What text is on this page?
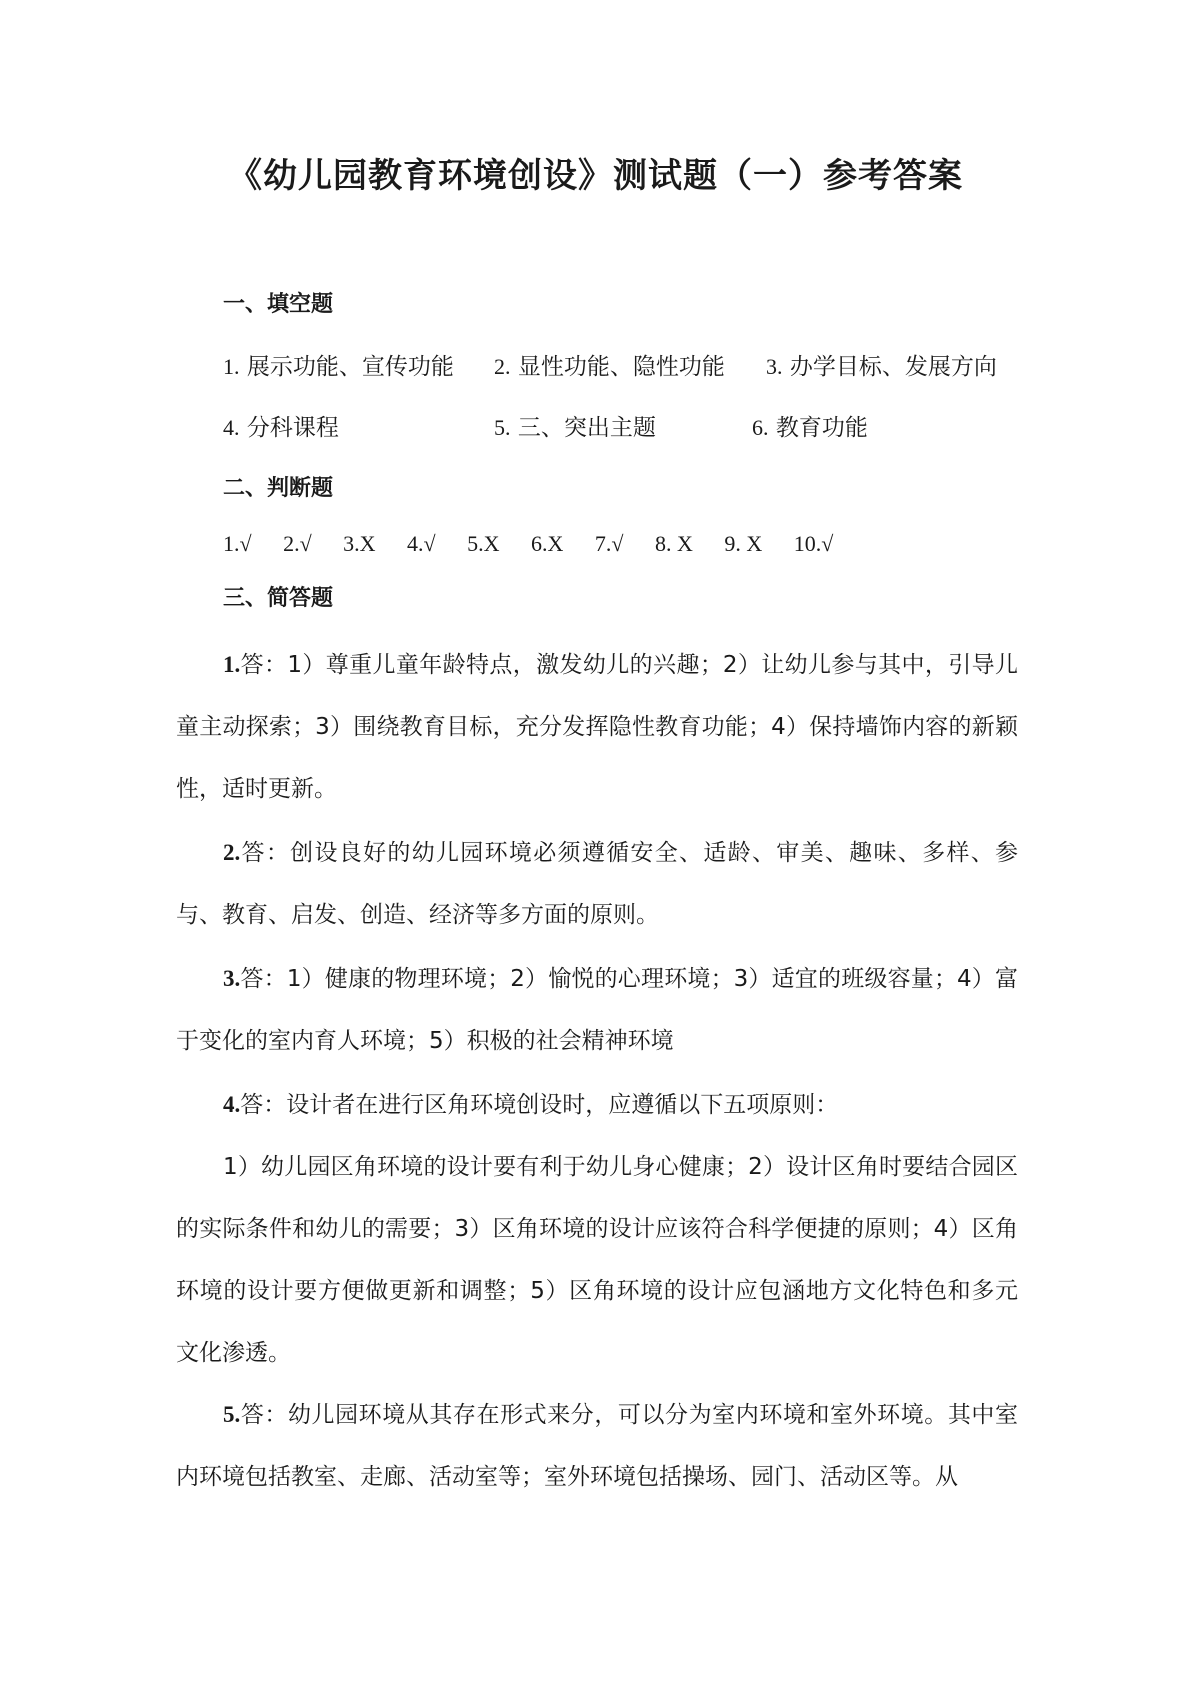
《幼儿园教育环境创设》测试题（一）参考答案
一、填空题
1. 展示功能、宣传功能 2. 显性功能、隐性功能 3. 办学目标、发展方向
4. 分科课程	5. 三、突出主题	6. 教育功能
二、判断题
1.√ 2.√ 3.X 4.√ 5.X 6.X 7.√ 8. X 9. X 10.√
三、简答题
1.答：1）尊重儿童年龄特点，激发幼儿的兴趣；2）让幼儿参与其中，引导儿童主动探索；3）围绕教育目标，充分发挥隐性教育功能；4）保持墙饰内容的新颖性，适时更新。
2.答：创设良好的幼儿园环境必须遵循安全、适龄、审美、趣味、多样、参与、教育、启发、创造、经济等多方面的原则。
3.答：1）健康的物理环境；2）愉悦的心理环境；3）适宜的班级容量；4）富于变化的室内育人环境；5）积极的社会精神环境
4.答：设计者在进行区角环境创设时，应遵循以下五项原则：
1）幼儿园区角环境的设计要有利于幼儿身心健康；2）设计区角时要结合园区的实际条件和幼儿的需要；3）区角环境的设计应该符合科学便捷的原则；4）区角环境的设计要方便做更新和调整；5）区角环境的设计应包涵地方文化特色和多元文化渗透。
5.答：幼儿园环境从其存在形式来分，可以分为室内环境和室外环境。其中室内环境包括教室、走廊、活动室等；室外环境包括操场、园门、活动区等。从
